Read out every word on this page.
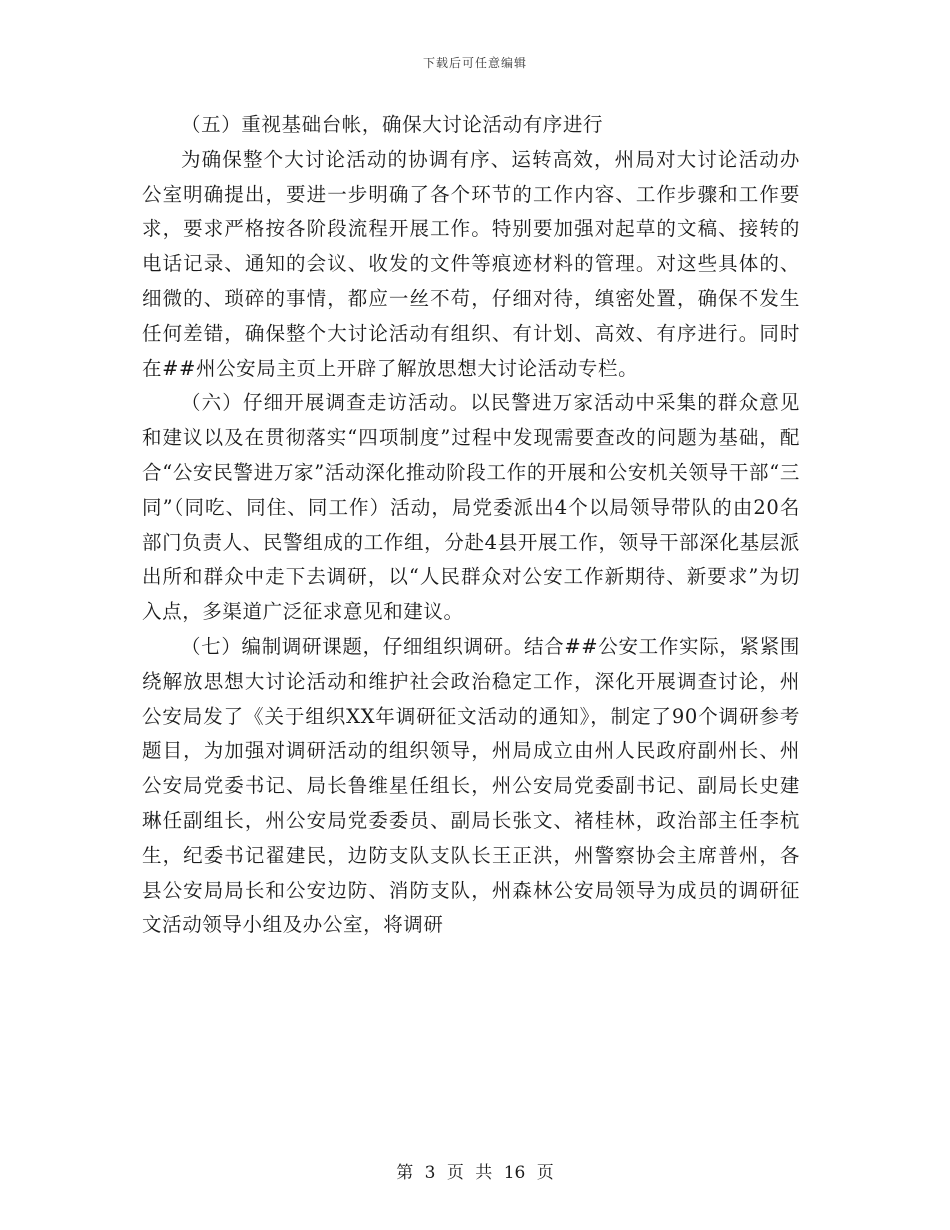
下载后可任意编辑

（五）重视基础台帐，确保大讨论活动有序进行

为确保整个大讨论活动的协调有序、运转高效，州局对大讨论活动办公室明确提出，要进一步明确了各个环节的工作内容、工作步骤和工作要求，要求严格按各阶段流程开展工作。特别要加强对起草的文稿、接转的电话记录、通知的会议、收发的文件等痕迹材料的管理。对这些具体的、细微的、琐碎的事情，都应一丝不苟，仔细对待，缜密处置，确保不发生任何差错，确保整个大讨论活动有组织、有计划、高效、有序进行。同时在##州公安局主页上开辟了解放思想大讨论活动专栏。

（六）仔细开展调查走访活动。以民警进万家活动中采集的群众意见和建议以及在贯彻落实“四项制度”过程中发现需要查改的问题为基础，配合“公安民警进万家”活动深化推动阶段工作的开展和公安机关领导干部“三同”（同吃、同住、同工作）活动，局党委派出4个以局领导带队的由20名部门负责人、民警组成的工作组，分赴4县开展工作，领导干部深化基层派出所和群众中走下去调研，以“人民群众对公安工作新期待、新要求”为切入点，多渠道广泛征求意见和建议。

（七）编制调研课题，仔细组织调研。结合##公安工作实际，紧紧围绕解放思想大讨论活动和维护社会政治稳定工作，深化开展调查讨论，州公安局发了《关于组织XX年调研征文活动的通知》，制定了90个调研参考题目，为加强对调研活动的组织领导，州局成立由州人民政府副州长、州公安局党委书记、局长鲁维星任组长，州公安局党委副书记、副局长史建琳任副组长，州公安局党委委员、副局长张文、褚桂林，政治部主任李杭生，纪委书记翟建民，边防支队支队长王正洪，州警察协会主席普州，各县公安局局长和公安边防、消防支队，州森林公安局领导为成员的调研征文活动领导小组及办公室，将调研

第 3 页 共 16 页
